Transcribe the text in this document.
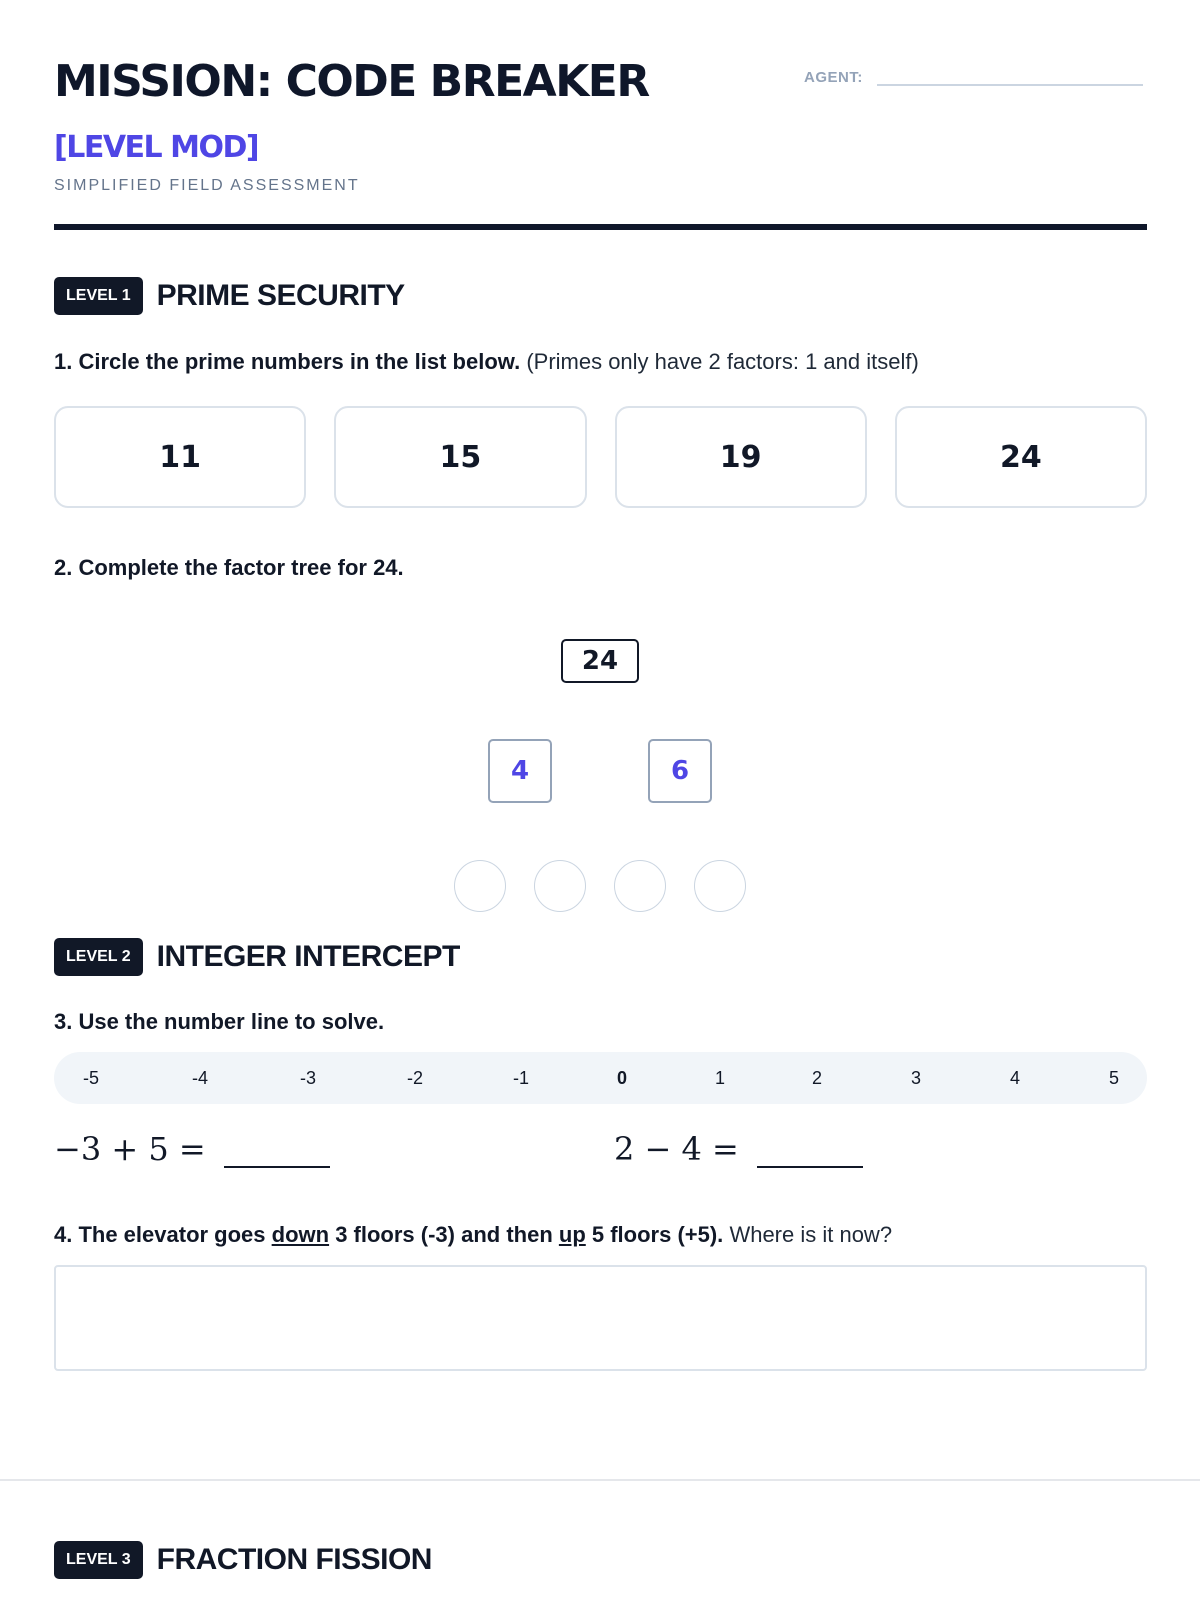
MISSION: CODE BREAKER	AGENT:
[LEVEL MOD]
SIMPLIFIED FIELD ASSESSMENT
LEVEL 1 PRIME SECURITY
1. Circle the prime numbers in the list below. (Primes only have 2 factors: 1 and itself)
11	15	19	24
2. Complete the factor tree for 24.
24
4	6
LEVEL 2 INTEGER INTERCEPT
3. Use the number line to solve.
-5	-4	-3	-2	-1	0	1	2	3	4	5
−3 + 5 =	2 − 4 =
4. The elevator goes down 3 floors (-3) and then up 5 floors (+5). Where is it now?
LEVEL 3 FRACTION FISSION
